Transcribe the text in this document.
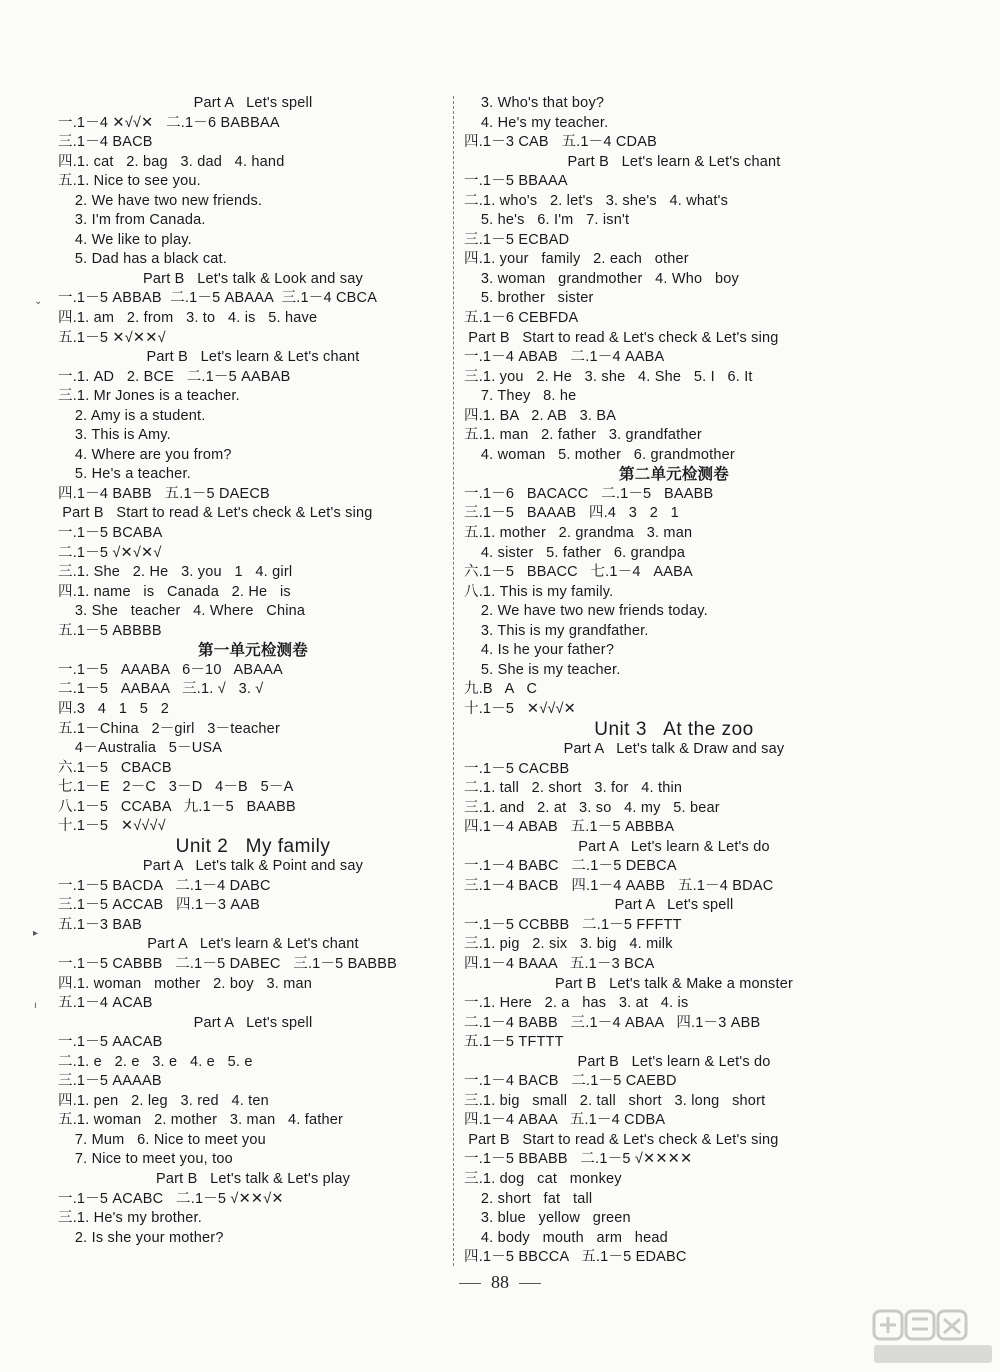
Part A   Let's spell
一.1－4 ✕√√✕   二.1－6 BABBAA
三.1－4 BACB
四.1. cat   2. bag   3. dad   4. hand
五.1. Nice to see you.
2. We have two new friends.
3. I'm from Canada.
4. We like to play.
5. Dad has a black cat.
Part B   Let's talk & Look and say
一.1－5 ABBAB  二.1－5 ABAAA  三.1－4 CBCA
四.1. am   2. from   3. to   4. is   5. have
五.1－5 ✕√✕✕√
Part B   Let's learn & Let's chant
一.1. AD   2. BCE   二.1－5 AABAB
三.1. Mr Jones is a teacher.
2. Amy is a student.
3. This is Amy.
4. Where are you from?
5. He's a teacher.
四.1－4 BABB   五.1－5 DAECB
Part B   Start to read & Let's check & Let's sing
一.1－5 BCABA
二.1－5 √✕√✕√
三.1. She   2. He   3. you   1   4. girl
四.1. name   is   Canada   2. He   is
3. She   teacher   4. Where   China
五.1－5 ABBBB
第一单元检测卷
一.1－5   AAABA   6－10   ABAAA
二.1－5   AABAA   三.1. √   3. √
四.3   4   1   5   2
五.1－China   2－girl   3－teacher
4－Australia   5－USA
六.1－5   CBACB
七.1－E   2－C   3－D   4－B   5－A
八.1－5   CCABA   九.1－5   BAABB
十.1－5   ✕√√√√
Unit 2   My family
Part A   Let's talk & Point and say
一.1－5 BACDA   二.1－4 DABC
三.1－5 ACCAB   四.1－3 AAB
五.1－3 BAB
Part A   Let's learn & Let's chant
一.1－5 CABBB   二.1－5 DABEC   三.1－5 BABBB
四.1. woman   mother   2. boy   3. man
五.1－4 ACAB
Part A   Let's spell
一.1－5 AACAB
二.1. e   2. e   3. e   4. e   5. e
三.1－5 AAAAB
四.1. pen   2. leg   3. red   4. ten
五.1. woman   2. mother   3. man   4. father
7. Mum   6. Nice to meet you
7. Nice to meet you, too
Part B   Let's talk & Let's play
一.1－5 ACABC   二.1－5 √✕✕√✕
三.1. He's my brother.
2. Is she your mother?
3. Who's that boy?
4. He's my teacher.
四.1－3 CAB   五.1－4 CDAB
Part B   Let's learn & Let's chant
一.1－5 BBAAA
二.1. who's   2. let's   3. she's   4. what's
5. he's   6. I'm   7. isn't
三.1－5 ECBAD
四.1. your   family   2. each   other
3. woman   grandmother   4. Who   boy
5. brother   sister
五.1－6 CEBFDA
Part B   Start to read & Let's check & Let's sing
一.1－4 ABAB   二.1－4 AABA
三.1. you   2. He   3. she   4. She   5. I   6. It
7. They   8. he
四.1. BA   2. AB   3. BA
五.1. man   2. father   3. grandfather
4. woman   5. mother   6. grandmother
第二单元检测卷
一.1－6   BACACC   二.1－5   BAABB
三.1－5   BAAAB   四.4   3   2   1
五.1. mother   2. grandma   3. man
4. sister   5. father   6. grandpa
六.1－5   BBACC   七.1－4   AABA
八.1. This is my family.
2. We have two new friends today.
3. This is my grandfather.
4. Is he your father?
5. She is my teacher.
九.B   A   C
十.1－5   ✕√√√✕
Unit 3   At the zoo
Part A   Let's talk & Draw and say
一.1－5 CACBB
二.1. tall   2. short   3. for   4. thin
三.1. and   2. at   3. so   4. my   5. bear
四.1－4 ABAB   五.1－5 ABBBA
Part A   Let's learn & Let's do
一.1－4 BABC   二.1－5 DEBCA
三.1－4 BACB   四.1－4 AABB   五.1－4 BDAC
Part A   Let's spell
一.1－5 CCBBB   二.1－5 FFFTT
三.1. pig   2. six   3. big   4. milk
四.1－4 BAAA   五.1－3 BCA
Part B   Let's talk & Make a monster
一.1. Here   2. a   has   3. at   4. is
二.1－4 BABB   三.1－4 ABAA   四.1－3 ABB
五.1－5 TFTTT
Part B   Let's learn & Let's do
一.1－4 BACB   二.1－5 CAEBD
三.1. big   small   2. tall   short   3. long   short
四.1－4 ABAA   五.1－4 CDBA
Part B   Start to read & Let's check & Let's sing
一.1－5 BBABB   二.1－5 √✕✕✕✕
三.1. dog   cat   monkey
2. short   fat   tall
3. blue   yellow   green
4. body   mouth   arm   head
四.1－5 BBCCA   五.1－5 EDABC
⌄
▸
ı
88
